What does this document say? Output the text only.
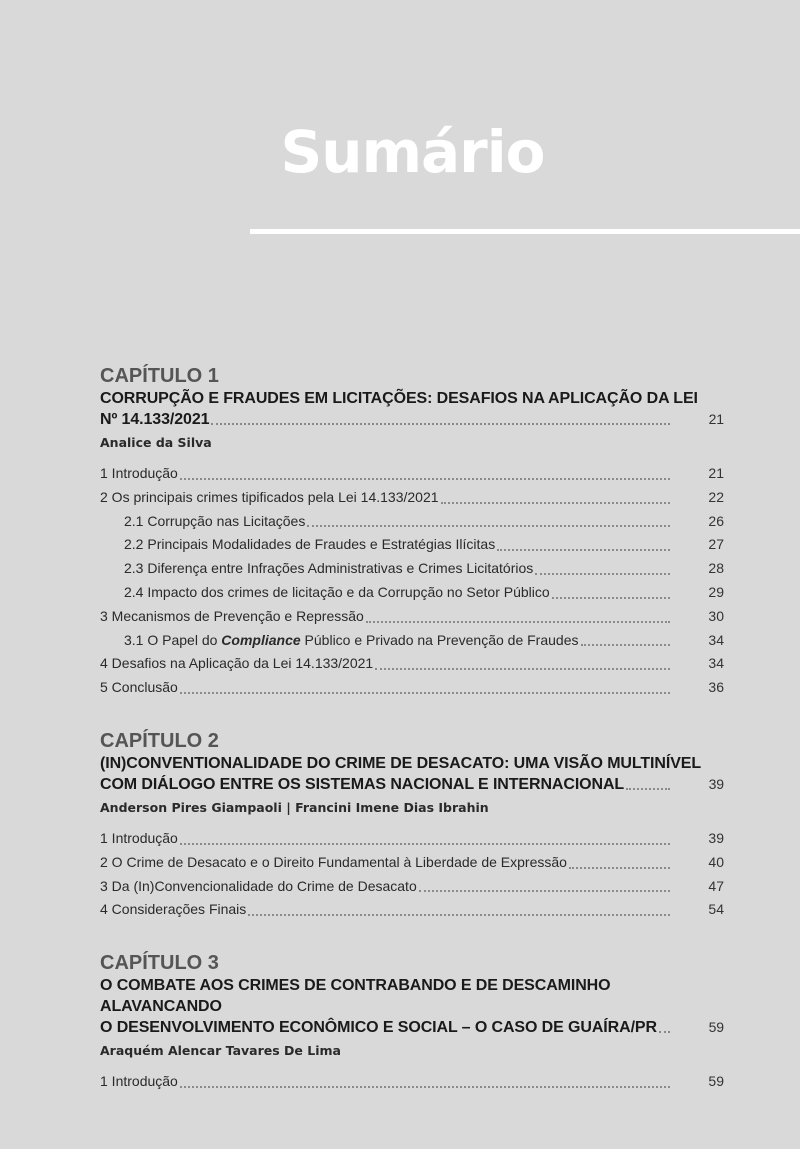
Sumário
CAPÍTULO 1
CORRUPÇÃO E FRAUDES EM LICITAÇÕES: DESAFIOS NA APLICAÇÃO DA LEI
Nº 14.133/2021	21
Analice da Silva
1 Introdução	21
2 Os principais crimes tipificados pela Lei 14.133/2021	22
2.1 Corrupção nas Licitações	26
2.2 Principais Modalidades de Fraudes e Estratégias Ilícitas	27
2.3 Diferença entre Infrações Administrativas e Crimes Licitatórios	28
2.4 Impacto dos crimes de licitação e da Corrupção no Setor Público	29
3 Mecanismos de Prevenção e Repressão	30
3.1 O Papel do Compliance Público e Privado na Prevenção de Fraudes	34
4 Desafios na Aplicação da Lei 14.133/2021	34
5 Conclusão	36
CAPÍTULO 2
(IN)CONVENTIONALIDADE DO CRIME DE DESACATO: UMA VISÃO MULTINÍVEL
COM DIÁLOGO ENTRE OS SISTEMAS NACIONAL E INTERNACIONAL	39
Anderson Pires Giampaoli | Francini Imene Dias Ibrahin
1 Introdução	39
2 O Crime de Desacato e o Direito Fundamental à Liberdade de Expressão	40
3 Da (In)Convencionalidade do Crime de Desacato	47
4 Considerações Finais	54
CAPÍTULO 3
O COMBATE AOS CRIMES DE CONTRABANDO E DE DESCAMINHO ALAVANCANDO
O DESENVOLVIMENTO ECONÔMICO E SOCIAL – O CASO DE GUAÍRA/PR	59
Araquém Alencar Tavares De Lima
1 Introdução	59
